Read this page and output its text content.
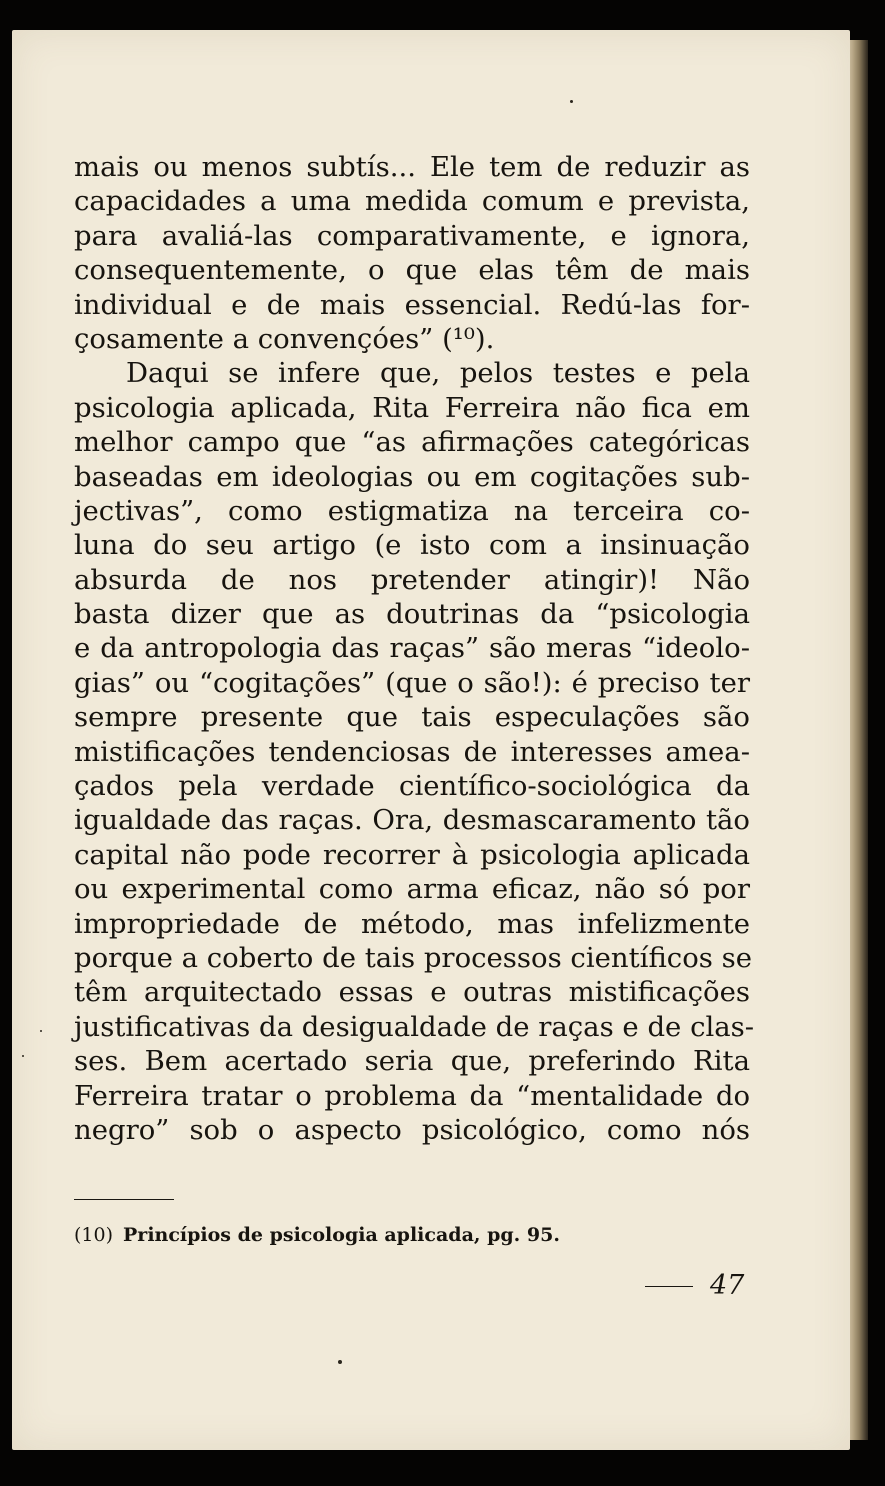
mais ou menos subtís... Ele tem de reduzir as
capacidades a uma medida comum e prevista,
para avaliá-las comparativamente, e ignora,
consequentemente, o que elas têm de mais
individual e de mais essencial. Redú-las for-
çosamente a convençóes” (¹⁰).
Daqui se infere que, pelos testes e pela
psicologia aplicada, Rita Ferreira não fica em
melhor campo que “as afirmações categóricas
baseadas em ideologias ou em cogitações sub-
jectivas”, como estigmatiza na terceira co-
luna do seu artigo (e isto com a insinuação
absurda de nos pretender atingir)! Não
basta dizer que as doutrinas da “psicologia
e da antropologia das raças” são meras “ideolo-
gias” ou “cogitações” (que o são!): é preciso ter
sempre presente que tais especulações são
mistificações tendenciosas de interesses amea-
çados pela verdade científico-sociológica da
igualdade das raças. Ora, desmascaramento tão
capital não pode recorrer à psicologia aplicada
ou experimental como arma eficaz, não só por
impropriedade de método, mas infelizmente
porque a coberto de tais processos científicos se
têm arquitectado essas e outras mistificações
justificativas da desigualdade de raças e de clas-
ses. Bem acertado seria que, preferindo Rita
Ferreira tratar o problema da “mentalidade do
negro” sob o aspecto psicológico, como nós
(10) Princípios de psicologia aplicada, pg. 95.
47
